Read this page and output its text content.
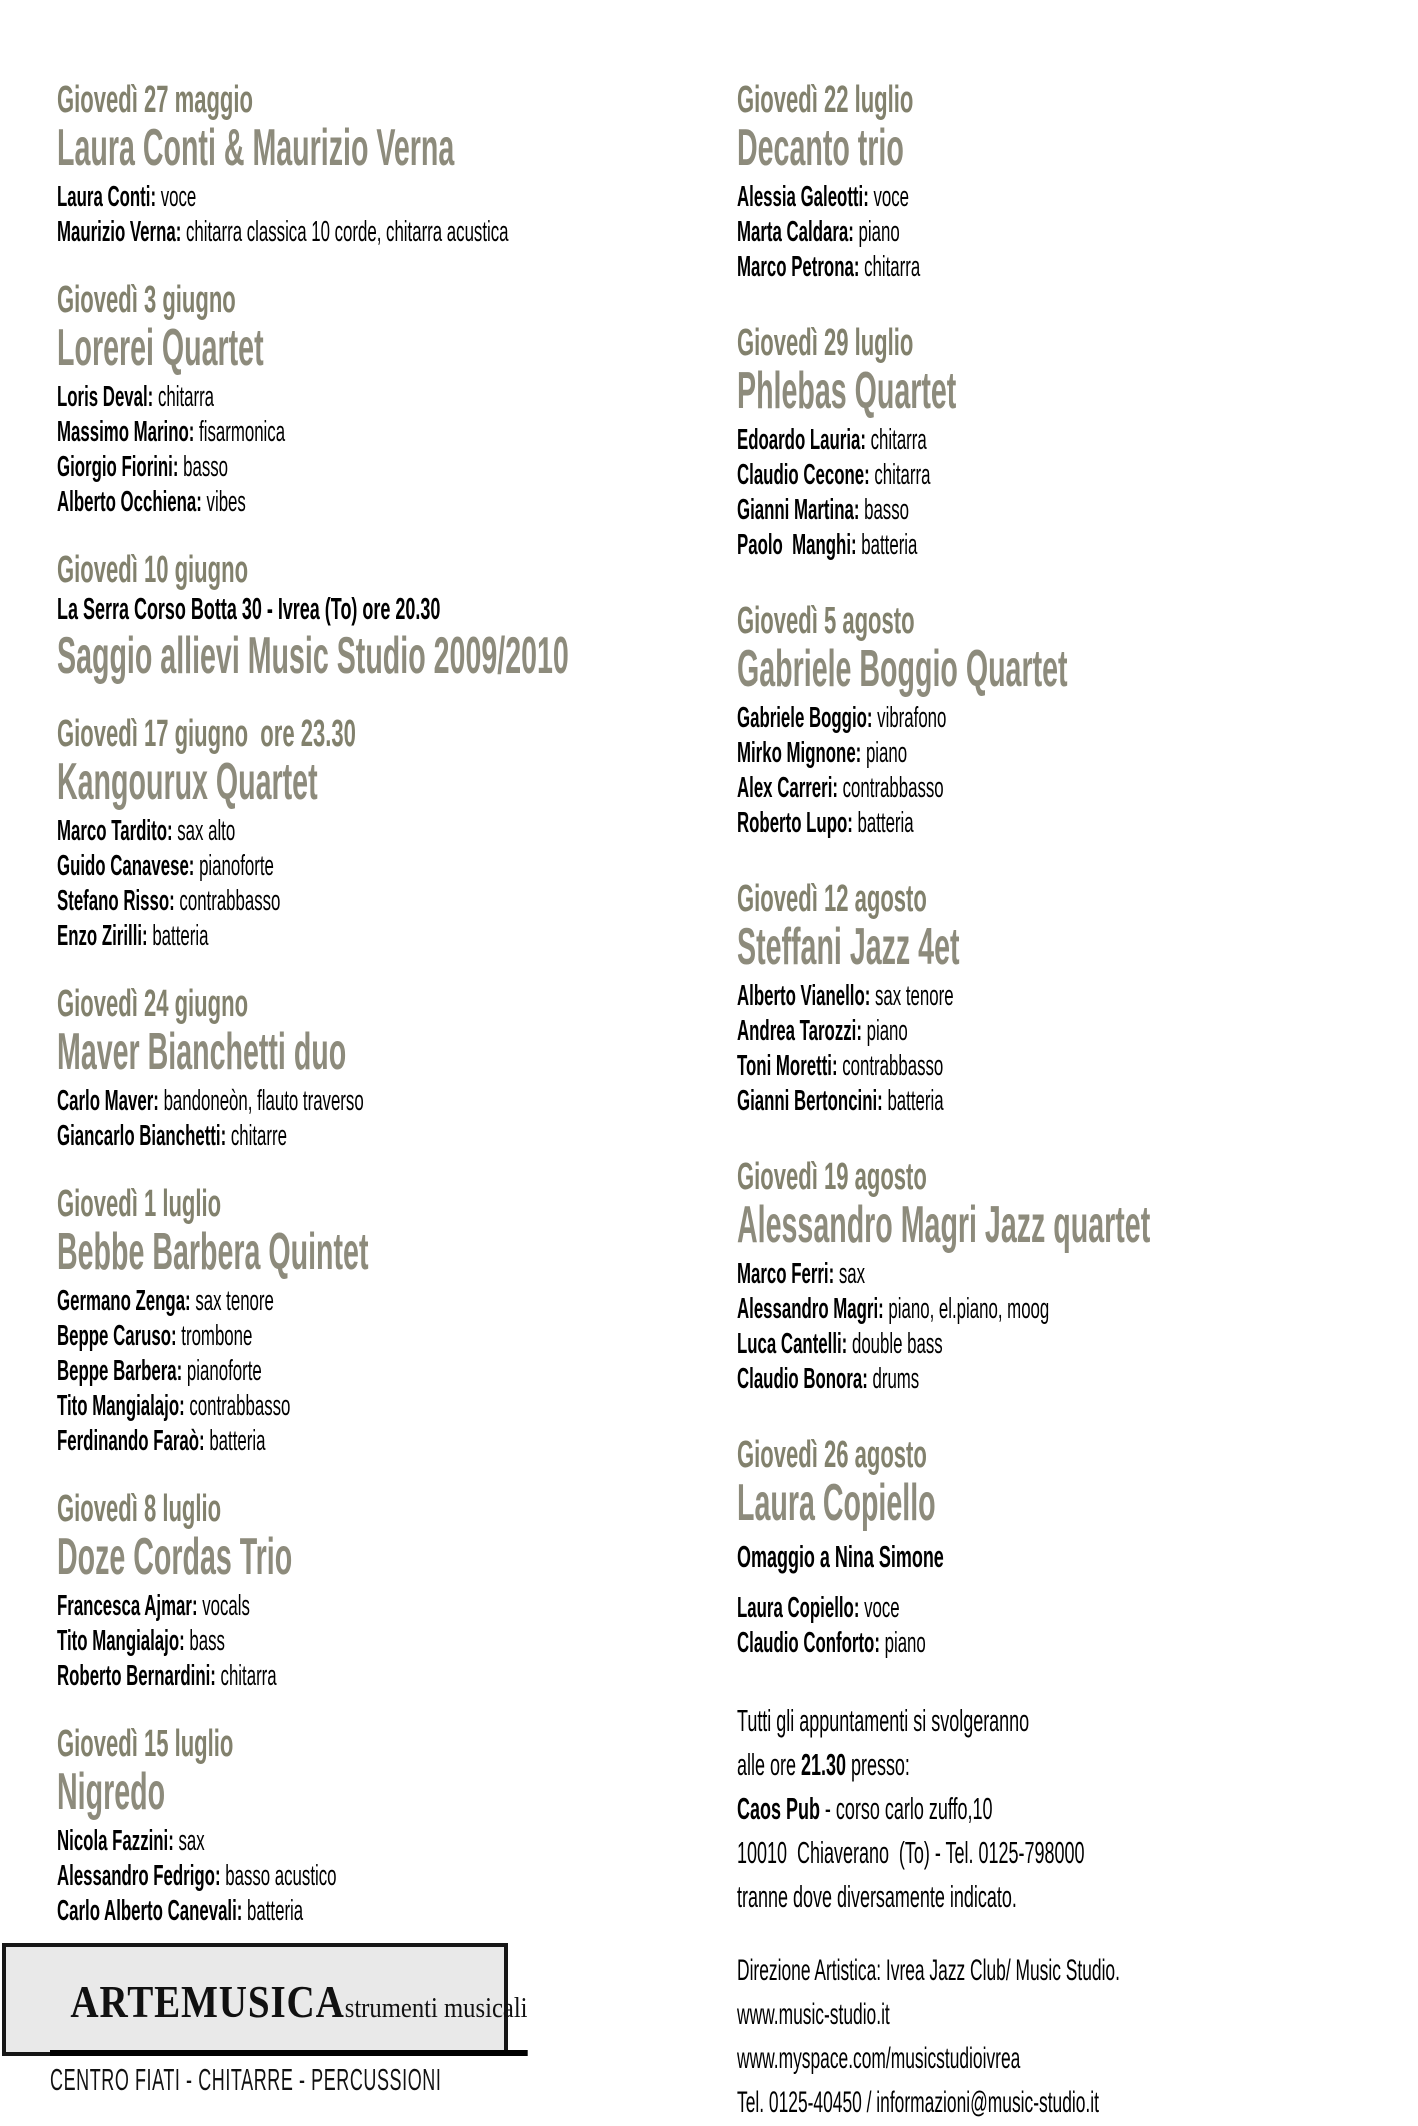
Giovedì 27 maggio
Laura Conti & Maurizio Verna
Laura Conti: voce
Maurizio Verna: chitarra classica 10 corde, chitarra acustica
Giovedì 3 giugno
Lorerei Quartet
Loris Deval: chitarra
Massimo Marino: fisarmonica
Giorgio Fiorini: basso
Alberto Occhiena: vibes
Giovedì 10 giugno
La Serra Corso Botta 30 - Ivrea (To) ore 20.30
Saggio allievi Music Studio 2009/2010
Giovedì 17 giugno  ore 23.30
Kangourux Quartet
Marco Tardito: sax alto
Guido Canavese: pianoforte
Stefano Risso: contrabbasso
Enzo Zirilli: batteria
Giovedì 24 giugno
Maver Bianchetti duo
Carlo Maver: bandoneòn, flauto traverso
Giancarlo Bianchetti: chitarre
Giovedì 1 luglio
Bebbe Barbera Quintet
Germano Zenga: sax tenore
Beppe Caruso: trombone
Beppe Barbera: pianoforte
Tito Mangialajo: contrabbasso
Ferdinando Faraò: batteria
Giovedì 8 luglio
Doze Cordas Trio
Francesca Ajmar: vocals
Tito Mangialajo: bass
Roberto Bernardini: chitarra
Giovedì 15 luglio
Nigredo
Nicola Fazzini: sax
Alessandro Fedrigo: basso acustico
Carlo Alberto Canevali: batteria
Giovedì 22 luglio
Decanto trio
Alessia Galeotti: voce
Marta Caldara: piano
Marco Petrona: chitarra
Giovedì 29 luglio
Phlebas Quartet
Edoardo Lauria: chitarra
Claudio Cecone: chitarra
Gianni Martina: basso
Paolo  Manghi: batteria
Giovedì 5 agosto
Gabriele Boggio Quartet
Gabriele Boggio: vibrafono
Mirko Mignone: piano
Alex Carreri: contrabbasso
Roberto Lupo: batteria
Giovedì 12 agosto
Steffani Jazz 4et
Alberto Vianello: sax tenore
Andrea Tarozzi: piano
Toni Moretti: contrabbasso
Gianni Bertoncini: batteria
Giovedì 19 agosto
Alessandro Magri Jazz quartet
Marco Ferri: sax
Alessandro Magri: piano, el.piano, moog
Luca Cantelli: double bass
Claudio Bonora: drums
Giovedì 26 agosto
Laura Copiello
Omaggio a Nina Simone
Laura Copiello: voce
Claudio Conforto: piano
Tutti gli appuntamenti si svolgeranno
alle ore 21.30 presso:
Caos Pub - corso carlo zuffo,10
10010  Chiaverano  (To) - Tel. 0125-798000
tranne dove diversamente indicato.
Direzione Artistica: Ivrea Jazz Club/ Music Studio.
www.music-studio.it
www.myspace.com/musicstudioivrea
Tel. 0125-40450 / informazioni@music-studio.it

ARTEMUSICAstrumenti musicali

CENTRO FIATI - CHITARRE - PERCUSSIONI
